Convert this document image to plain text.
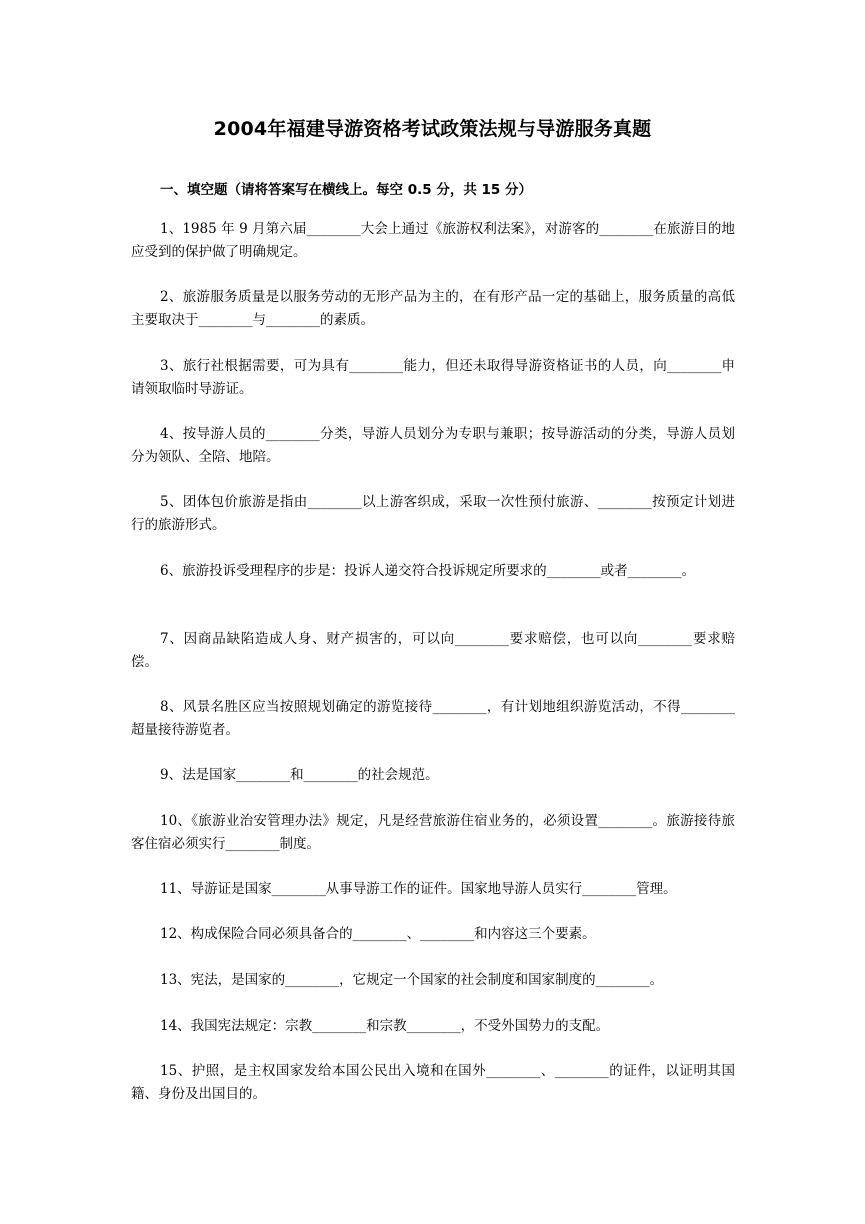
2004年福建导游资格考试政策法规与导游服务真题
一、填空题（请将答案写在横线上。每空 0.5 分，共 15 分）

1、1985 年 9 月第六届________大会上通过《旅游权利法案》，对游客的________在旅游目的地应受到的保护做了明确规定。

2、旅游服务质量是以服务劳动的无形产品为主的，在有形产品一定的基础上，服务质量的高低主要取决于________与________的素质。

3、旅行社根据需要，可为具有________能力，但还未取得导游资格证书的人员，向________申请领取临时导游证。

4、按导游人员的________分类，导游人员划分为专职与兼职；按导游活动的分类，导游人员划分为领队、全陪、地陪。

5、团体包价旅游是指由________以上游客织成，采取一次性预付旅游、________按预定计划进行的旅游形式。

6、旅游投诉受理程序的步是：投诉人递交符合投诉规定所要求的________或者________。

7、因商品缺陷造成人身、财产损害的，可以向________要求赔偿，也可以向________要求赔偿。

8、风景名胜区应当按照规划确定的游览接待________，有计划地组织游览活动，不得________超量接待游览者。

9、法是国家________和________的社会规范。

10、《旅游业治安管理办法》规定，凡是经营旅游住宿业务的，必须设置________。旅游接待旅客住宿必须实行________制度。

11、导游证是国家________从事导游工作的证件。国家地导游人员实行________管理。

12、构成保险合同必须具备合的________、________和内容这三个要素。

13、宪法，是国家的________，它规定一个国家的社会制度和国家制度的________。

14、我国宪法规定：宗教________和宗教________，不受外国势力的支配。

15、护照，是主权国家发给本国公民出入境和在国外________、________的证件，以证明其国籍、身份及出国目的。
